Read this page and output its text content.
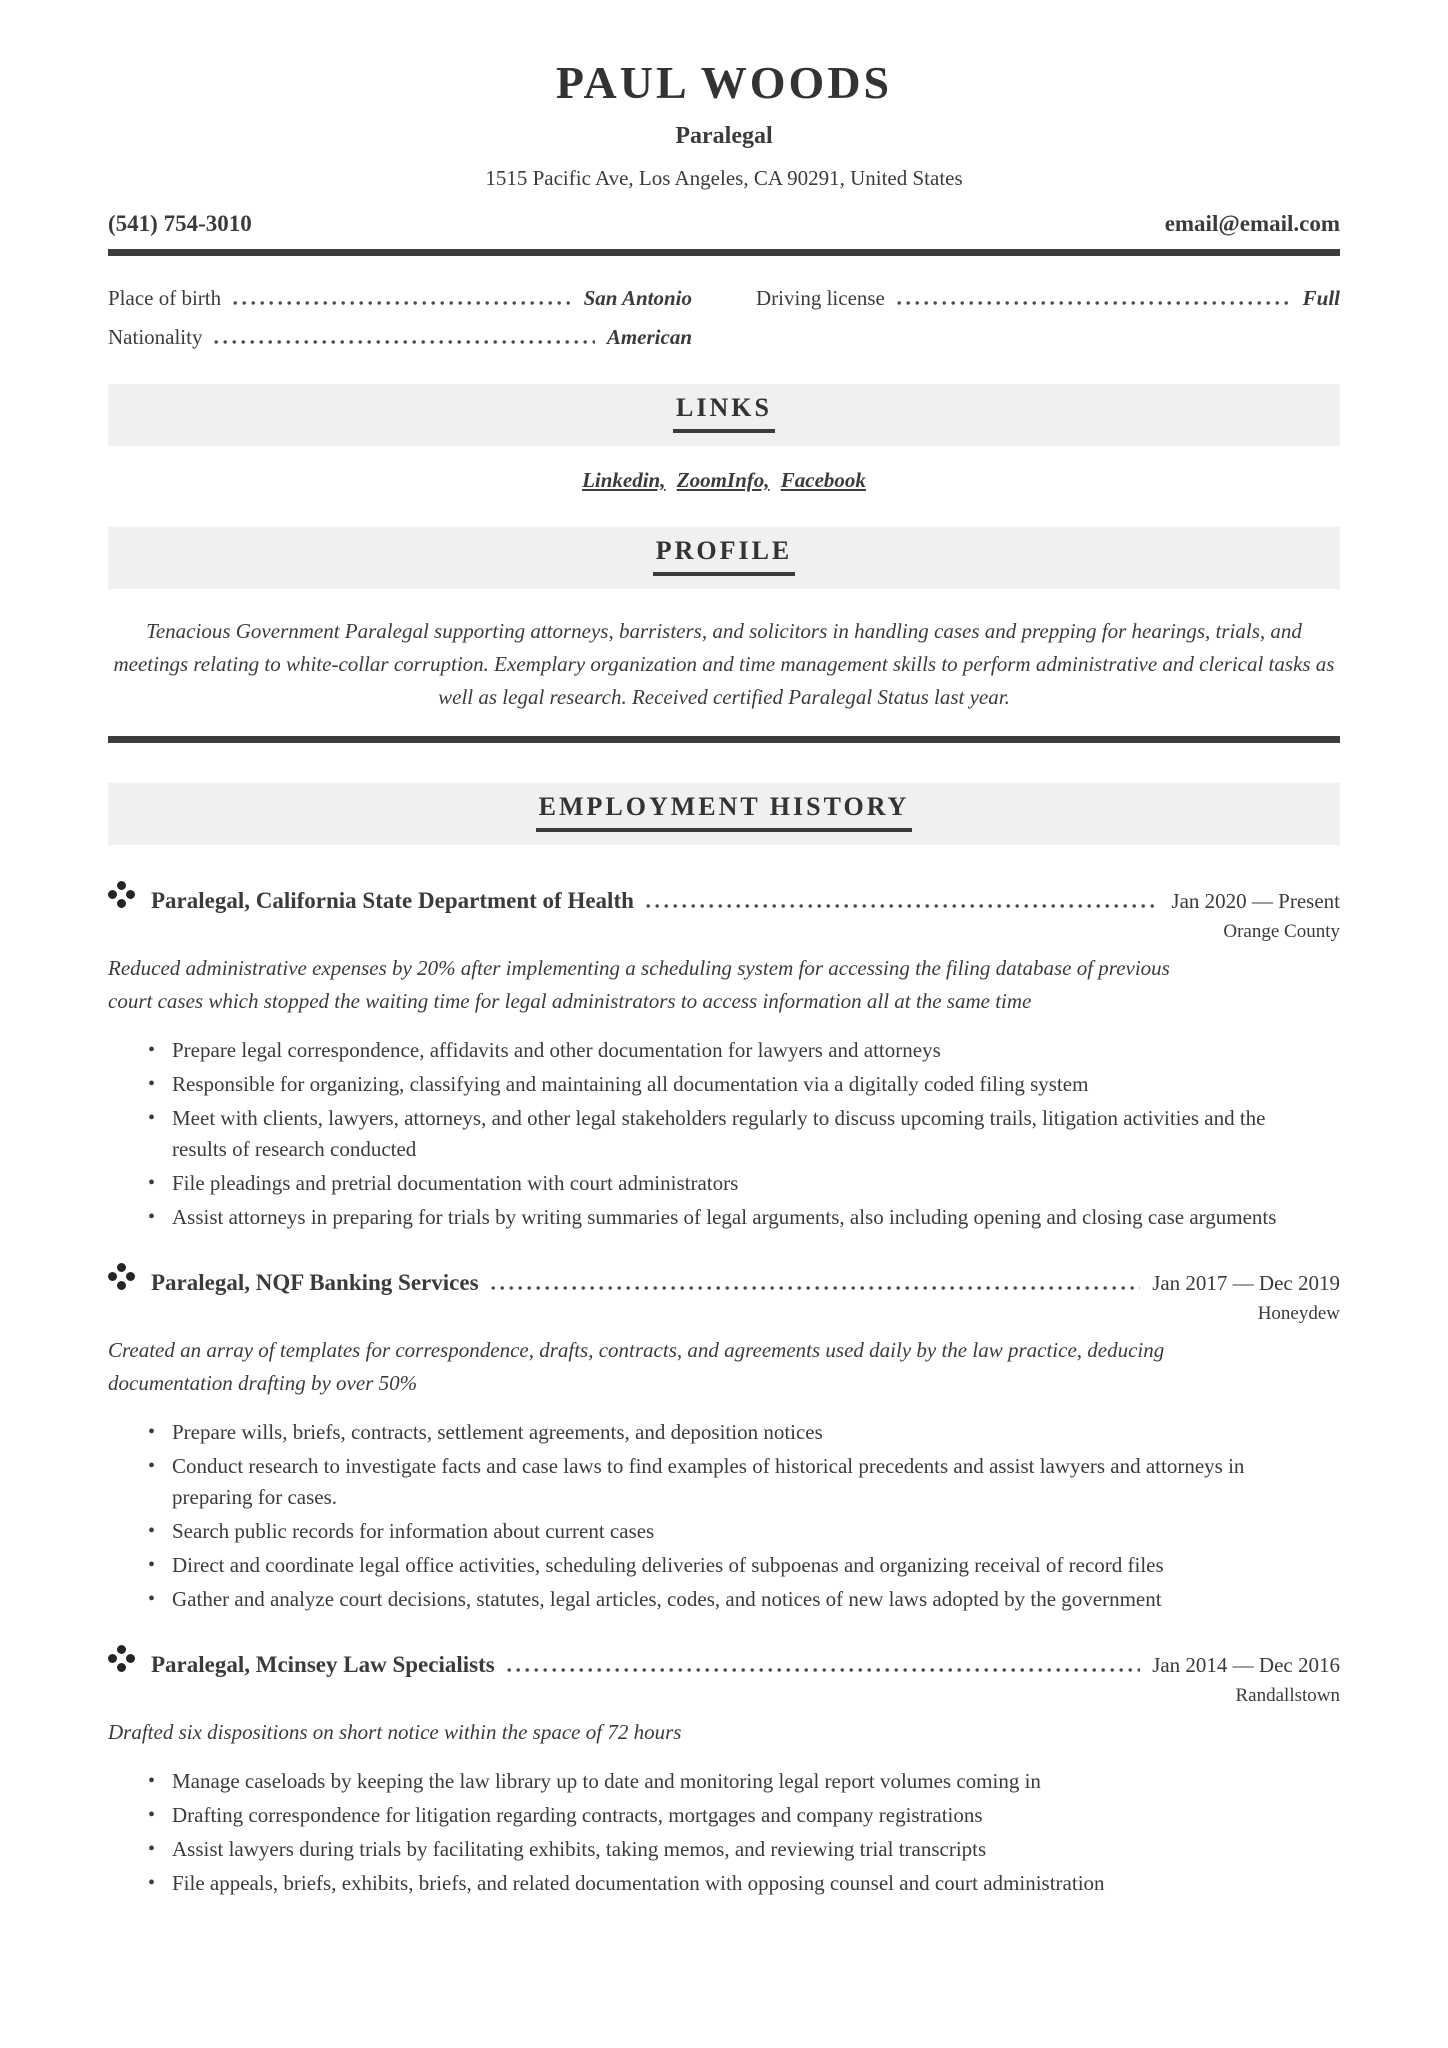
PAUL WOODS
Paralegal
1515 Pacific Ave, Los Angeles, CA 90291, United States
(541) 754-3010	email@email.com
Place of birth	San Antonio	Driving license	Full
Nationality	American
LINKS
Linkedin, ZoomInfo, Facebook
PROFILE

Tenacious Government Paralegal supporting attorneys, barristers, and solicitors in handling cases and prepping for hearings, trials, and meetings relating to white-collar corruption. Exemplary organization and time management skills to perform administrative and clerical tasks as well as legal research. Received certified Paralegal Status last year.

EMPLOYMENT HISTORY
Paralegal, California State Department of Health	Jan 2020 — Present
Orange County

Reduced administrative expenses by 20% after implementing a scheduling system for accessing the filing database of previous court cases which stopped the waiting time for legal administrators to access information all at the same time

• Prepare legal correspondence, affidavits and other documentation for lawyers and attorneys
• Responsible for organizing, classifying and maintaining all documentation via a digitally coded filing system
• Meet with clients, lawyers, attorneys, and other legal stakeholders regularly to discuss upcoming trails, litigation activities and the results of research conducted
• File pleadings and pretrial documentation with court administrators
• Assist attorneys in preparing for trials by writing summaries of legal arguments, also including opening and closing case arguments
Paralegal, NQF Banking Services	Jan 2017 — Dec 2019
Honeydew

Created an array of templates for correspondence, drafts, contracts, and agreements used daily by the law practice, deducing documentation drafting by over 50%

• Prepare wills, briefs, contracts, settlement agreements, and deposition notices
• Conduct research to investigate facts and case laws to find examples of historical precedents and assist lawyers and attorneys in preparing for cases.
• Search public records for information about current cases
• Direct and coordinate legal office activities, scheduling deliveries of subpoenas and organizing receival of record files
• Gather and analyze court decisions, statutes, legal articles, codes, and notices of new laws adopted by the government
Paralegal, Mcinsey Law Specialists	Jan 2014 — Dec 2016
Randallstown

Drafted six dispositions on short notice within the space of 72 hours

• Manage caseloads by keeping the law library up to date and monitoring legal report volumes coming in
• Drafting correspondence for litigation regarding contracts, mortgages and company registrations
• Assist lawyers during trials by facilitating exhibits, taking memos, and reviewing trial transcripts
• File appeals, briefs, exhibits, briefs, and related documentation with opposing counsel and court administration
